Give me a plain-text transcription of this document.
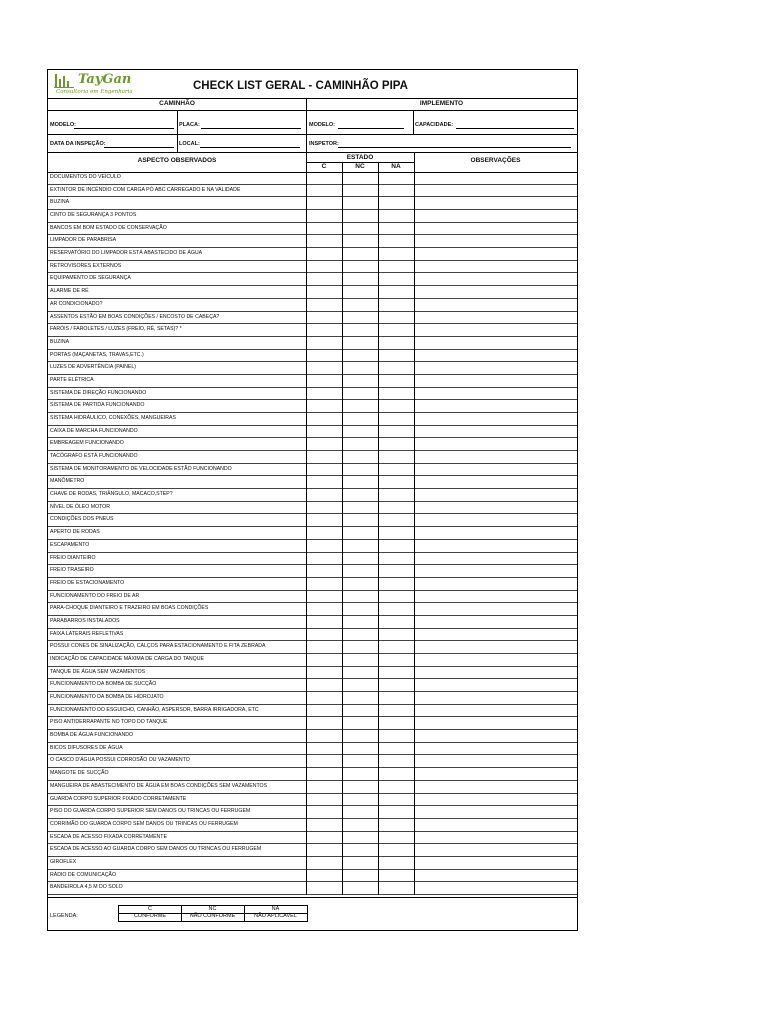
TayGan
Consultoria em Engenharia	CHECK LIST GERAL - CAMINHÃO PIPA
CAMINHÃO	IMPLEMENTO
MODELO:	PLACA:	MODELO:	CAPACIDADE:
DATA DA INSPEÇÃO:	LOCAL:	INSPETOR:
ASPECTO OBSERVADOS	ESTADO
C	NC	NA
OBSERVAÇÕES
DOCUMENTOS DO VEÍCULO
EXTINTOR DE INCÊNDIO COM CARGA PÓ ABC CARREGADO E NA VALIDADE
BUZINA
CINTO DE SEGURANÇA 3 PONTOS
BANCOS EM BOM ESTADO DE CONSERVAÇÃO
LIMPADOR DE PARABRISA
RESERVATÓRIO DO LIMPADOR ESTÁ ABASTECIDO DE ÁGUA
RETROVISORES EXTERNOS
EQUIPAMENTO DE SEGURANÇA
ALARME DE RÉ
AR CONDICIONADO?
ASSENTOS ESTÃO EM BOAS CONDIÇÕES / ENCOSTO DE CABEÇA?
FARÓIS / FAROLETES / LUZES (FREIO, RÉ, SETAS)? *
BUZINA
PORTAS (MAÇANETAS, TRAVAS,ETC.)
LUZES DE ADVERTÊNCIA (PAINEL)
PARTE ELÉTRICA
SISTEMA DE DIREÇÃO FUNCIONANDO
SISTEMA DE PARTIDA FUNCIONANDO
SISTEMA HIDRÁULICO, CONEXÕES, MANGUEIRAS
CAIXA DE MARCHA FUNCIONANDO
EMBREAGEM FUNCIONANDO
TACÓGRAFO ESTÁ FUNCIONANDO
SISTEMA DE MONITORAMENTO DE VELOCIDADE ESTÃO FUNCIONANDO
MANÔMETRO
CHAVE DE RODAS, TRIÂNGULO, MACACO,STEP?
NÍVEL DE ÓLEO MOTOR
CONDIÇÕES DOS PNEUS
APERTO DE RODAS
ESCAPAMENTO
FREIO DIANTEIRO
FREIO TRASEIRO
FREIO DE ESTACIONAMENTO
FUNCIONAMENTO DO FREIO DE AR
PARA-CHOQUE DIANTEIRO E TRAZEIRO EM BOAS CONDIÇÕES
PARABARROS INSTALADOS
FAIXA LATERAIS REFLETIVAS
POSSUI CONES DE SINALIZAÇÃO, CALÇOS PARA ESTACIONAMENTO E FITA ZEBRADA
INDICAÇÃO DE CAPACIDADE MÁXIMA DE CARGA DO TANQUE
TANQUE DE ÁGUA SEM VAZAMENTOS
FUNCIONAMENTO DA BOMBA DE SUCÇÃO
FUNCIONAMENTO DA BOMBA DE HIDROJATO
FUNCIONAMENTO DO ESGUICHO, CANHÃO, ASPERSOR, BARRA IRRIGADORA, ETC
PISO ANTIDERRAPANTE NO TOPO DO TANQUE
BOMBA DE ÁGUA FUNCIONANDO
BICOS DIFUSORES DE ÁGUA
O CASCO D'ÁGUA POSSUI CORROSÃO OU VAZAMENTO
MANGOTE DE SUCÇÃO
MANGUEIRA DE ABASTECIMENTO DE ÁGUA EM BOAS CONDIÇÕES SEM VAZAMENTOS
GUARDA CORPO SUPERIOR FIXADO CORRETAMENTE
PISO DO GUARDA CORPO SUPERIOR SEM DANOS OU TRINCAS OU FERRUGEM
CORRIMÃO DO GUARDA CORPO SEM DANOS OU TRINCAS OU FERRUGEM
ESCADA DE ACESSO FIXADA CORRETAMENTE
ESCADA DE ACESSO AO GUARDA CORPO SEM DANOS OU TRINCAS OU FERRUGEM
GIROFLEX
RÁDIO DE COMUNICAÇÃO
BANDEIROLA 4,5 M DO SOLO
C	NC	NA
CONFORME	NÃO CONFORME	NÃO APLICAVEL
LEGENDA:
